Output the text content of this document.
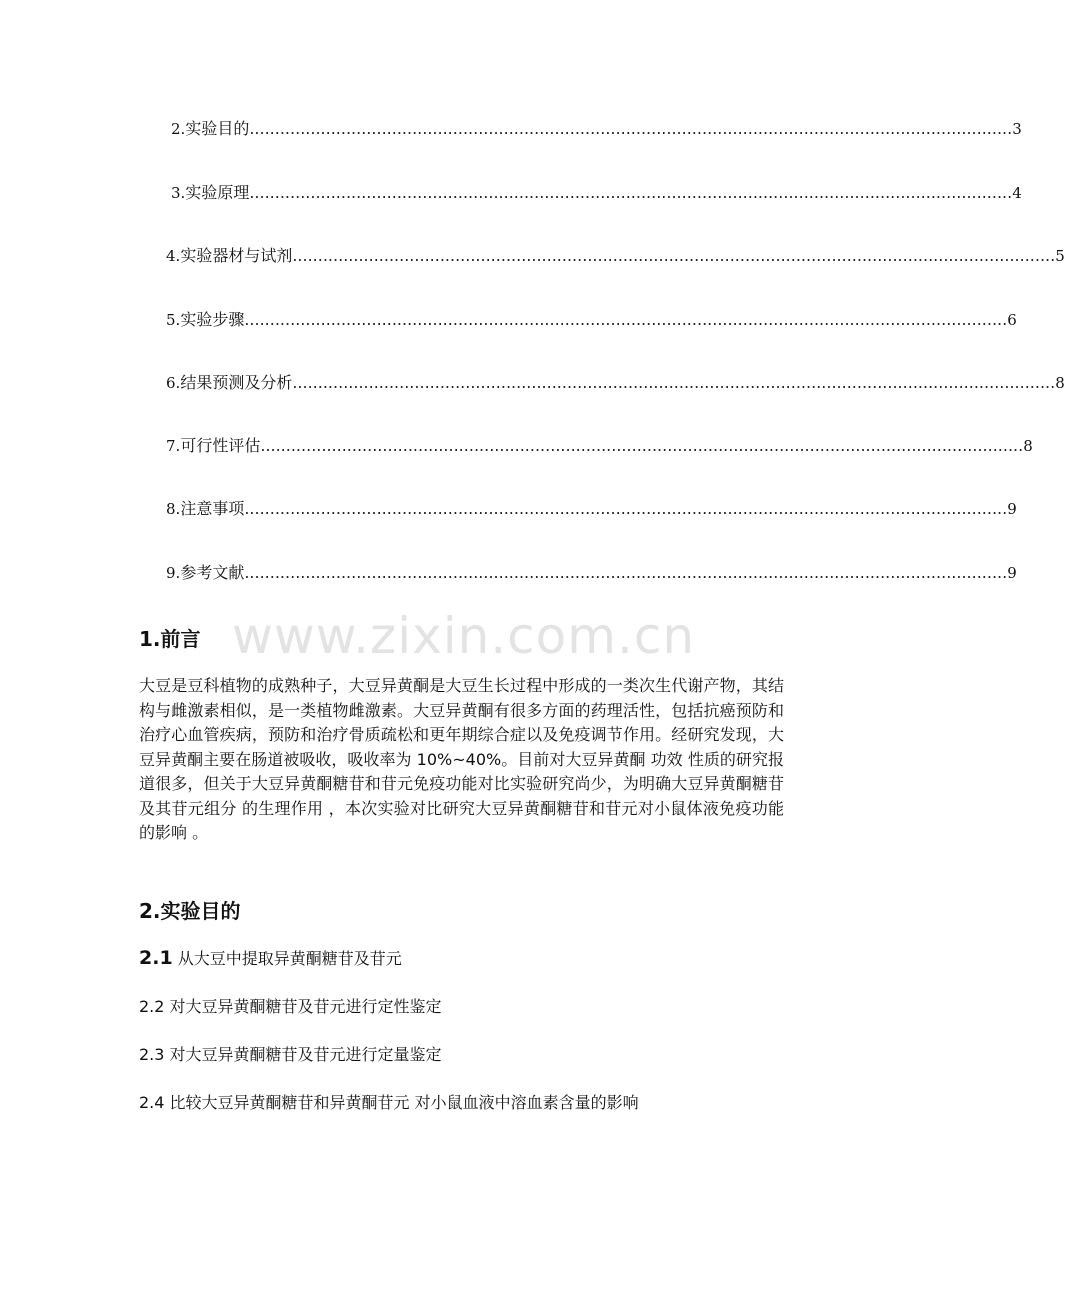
2. 实验目的 ...................................................................................................................................................... 3
3. 实验原理 ...................................................................................................................................................... 4
4. 实验器材与试剂 ...................................................................................................................................................... 5
5. 实验步骤 ...................................................................................................................................................... 6
6. 结果预测及分析 ...................................................................................................................................................... 8
7. 可行性评估 ...................................................................................................................................................... 8
8. 注意事项 ...................................................................................................................................................... 9
9. 参考文献 ...................................................................................................................................................... 9
www.zixin.com.cn
1.前言
大豆是豆科植物的成熟种子，大豆异黄酮是大豆生长过程中形成的一类次生代谢产物，其结构与雌激素相似，是一类植物雌激素。大豆异黄酮有很多方面的药理活性，包括抗癌预防和治疗心血管疾病，预防和治疗骨质疏松和更年期综合症以及免疫调节作用。经研究发现，大豆异黄酮主要在肠道被吸收，吸收率为 10%~40%。目前对大豆异黄酮 功效 性质的研究报道很多，但关于大豆异黄酮糖苷和苷元免疫功能对比实验研究尚少，为明确大豆异黄酮糖苷及其苷元组分 的生理作用 ，本次实验对比研究大豆异黄酮糖苷和苷元对小鼠体液免疫功能的影响 。
2.实验目的
2.1 从大豆中提取异黄酮糖苷及苷元
2.2 对大豆异黄酮糖苷及苷元进行定性鉴定
2.3 对大豆异黄酮糖苷及苷元进行定量鉴定
2.4 比较大豆异黄酮糖苷和异黄酮苷元 对小鼠血液中溶血素含量的影响
